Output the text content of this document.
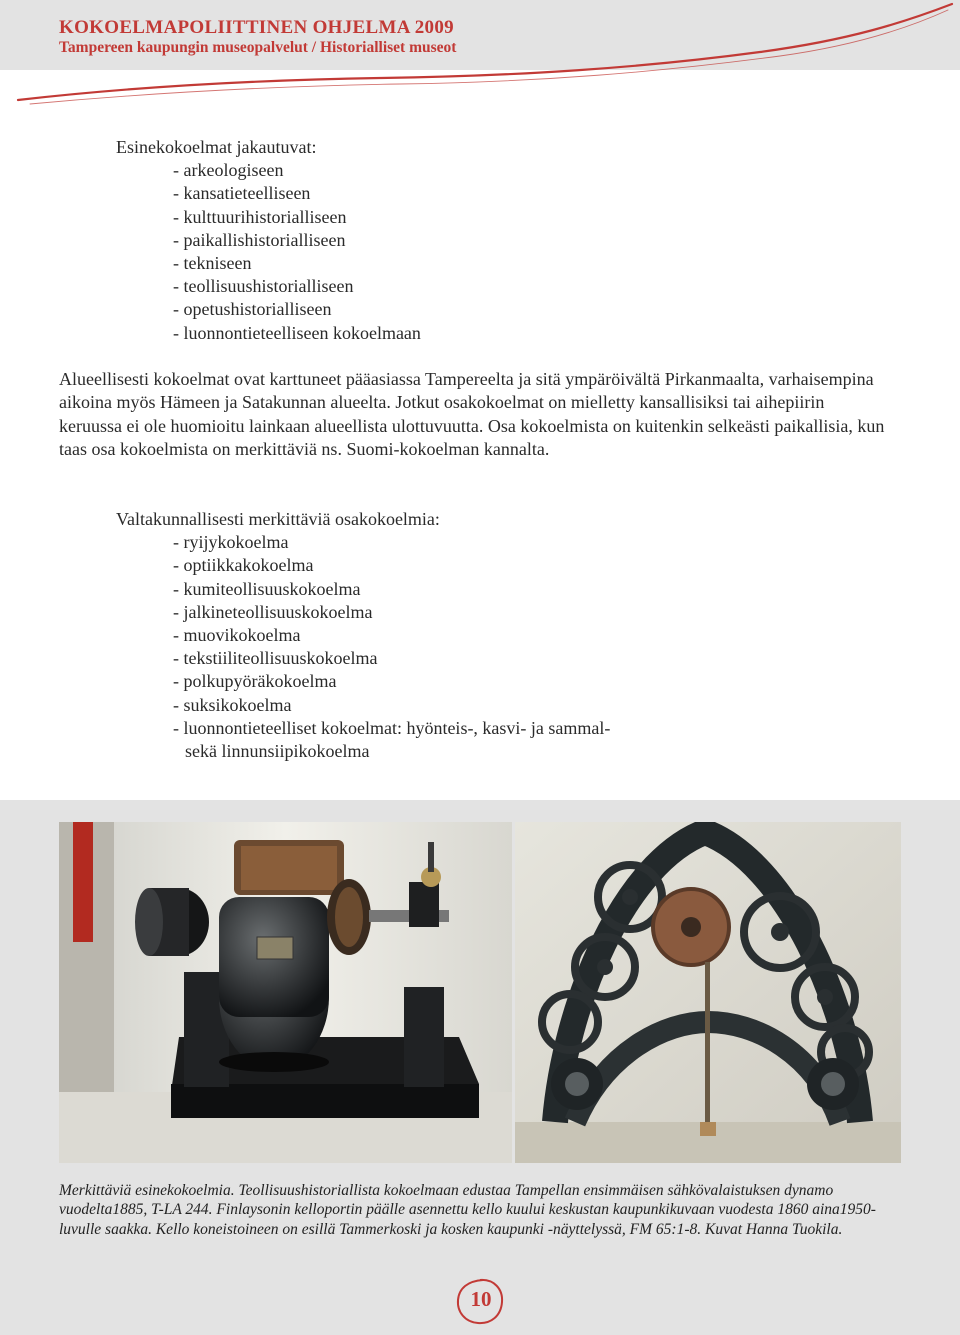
KOKOELMAPOLIITTINEN OHJELMA 2009
Tampereen kaupungin museopalvelut / Historialliset museot
Esinekokoelmat jakautuvat:
- arkeologiseen
- kansatieteelliseen
- kulttuurihistorialliseen
- paikallishistorialliseen
- tekniseen
- teollisuushistorialliseen
- opetushistorialliseen
- luonnontieteelliseen kokoelmaan

Alueellisesti kokoelmat ovat karttuneet pääasiassa Tampereelta ja sitä ympäröivältä Pirkanmaalta, varhaisempina aikoina myös Hämeen ja Satakunnan alueelta. Jotkut osakokoelmat on mielletty kansallisiksi tai aihepiirin keruussa ei ole huomioitu lainkaan alueellista ulottuvuutta. Osa kokoelmista on kuitenkin selkeästi paikallisia, kun taas osa kokoelmista on merkittäviä ns. Suomi-kokoelman kannalta.

Valtakunnallisesti merkittäviä osakokoelmia:
- ryijykokoelma
- optiikkakokoelma
- kumiteollisuuskokoelma
- jalkineteollisuuskokoelma
- muovikokoelma
- tekstiiliteollisuuskokoelma
- polkupyöräkokoelma
- suksikokoelma
- luonnontieteelliset kokoelmat: hyönteis-, kasvi- ja sammal-
sekä linnunsiipikokoelma

Merkittäviä esinekokoelmia. Teollisuushistoriallista kokoelmaan edustaa Tampellan ensimmäisen sähkövalaistuksen dynamo vuodelta1885, T-LA 244. Finlaysonin kelloportin päälle asennettu kello kuului keskustan kaupunkikuvaan vuodesta 1860 aina1950-luvulle saakka. Kello koneistoineen on esillä Tammerkoski ja kosken kaupunki -näyttelyssä, FM 65:1-8. Kuvat Hanna Tuokila.

10
